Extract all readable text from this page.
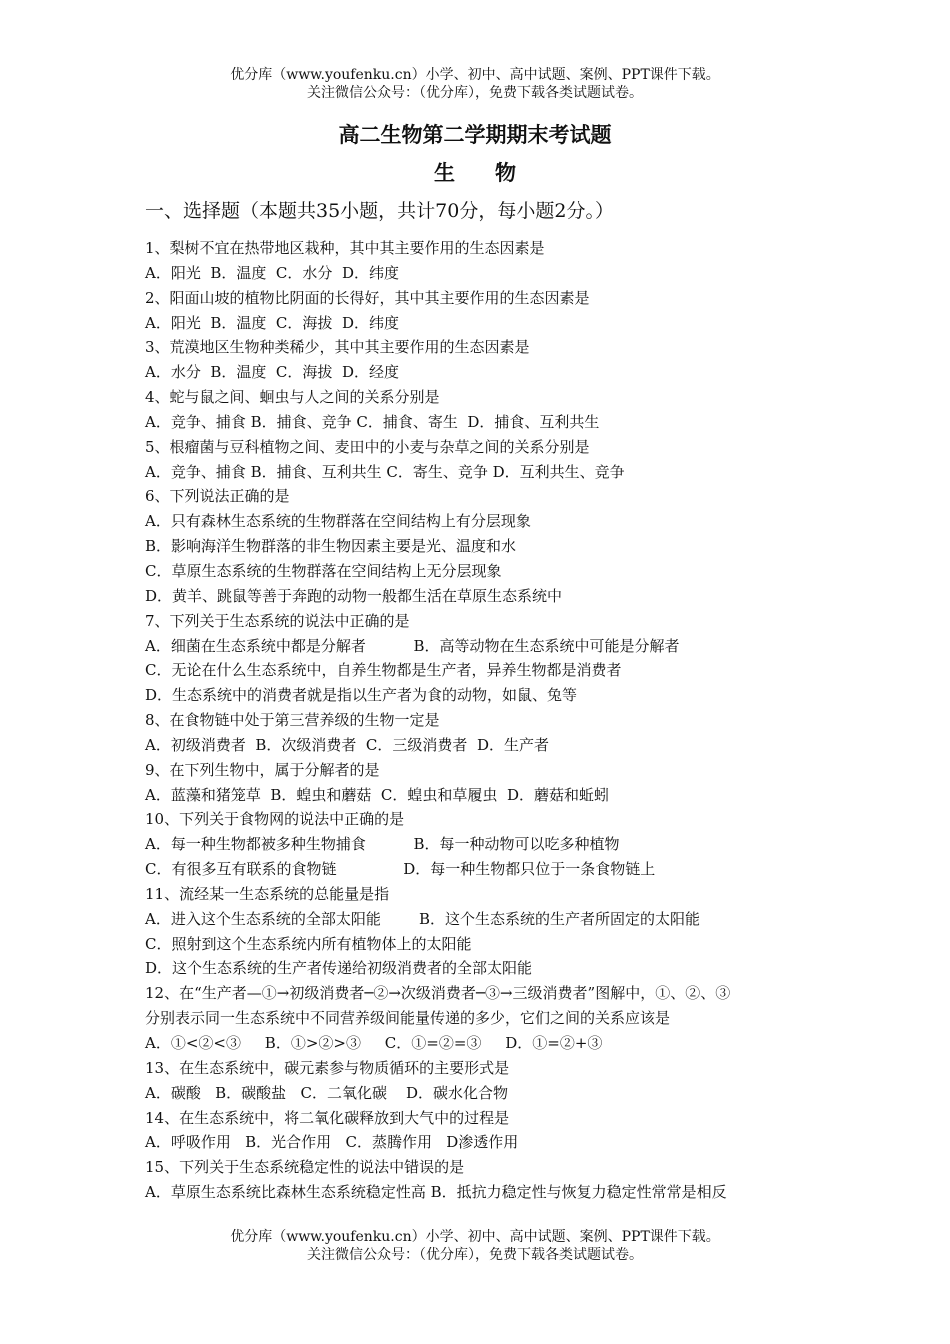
优分库（www.youfenku.cn）小学、初中、高中试题、案例、PPT课件下载。
关注微信公众号：（优分库），免费下载各类试题试卷。
高二生物第二学期期末考试题
生物
一、选择题（本题共35小题，共计70分，每小题2分。）
1、梨树不宜在热带地区栽种，其中其主要作用的生态因素是
A．阳光  B．温度  C．水分  D．纬度
2、阳面山坡的植物比阴面的长得好，其中其主要作用的生态因素是
A．阳光  B．温度  C．海拔  D．纬度
3、荒漠地区生物种类稀少，其中其主要作用的生态因素是
A．水分  B．温度  C．海拔  D．经度
4、蛇与鼠之间、蛔虫与人之间的关系分别是
A．竞争、捕食 B．捕食、竞争 C．捕食、寄生  D．捕食、互利共生
5、根瘤菌与豆科植物之间、麦田中的小麦与杂草之间的关系分别是
A．竞争、捕食 B．捕食、互利共生 C．寄生、竞争 D．互利共生、竞争
6、下列说法正确的是
A．只有森林生态系统的生物群落在空间结构上有分层现象
B．影响海洋生物群落的非生物因素主要是光、温度和水
C．草原生态系统的生物群落在空间结构上无分层现象
D．黄羊、跳鼠等善于奔跑的动物一般都生活在草原生态系统中
7、下列关于生态系统的说法中正确的是
A．细菌在生态系统中都是分解者          B．高等动物在生态系统中可能是分解者
C．无论在什么生态系统中，自养生物都是生产者，异养生物都是消费者
D．生态系统中的消费者就是指以生产者为食的动物，如鼠、兔等
8、在食物链中处于第三营养级的生物一定是
A．初级消费者  B．次级消费者  C．三级消费者  D．生产者
9、在下列生物中，属于分解者的是
A．蓝藻和猪笼草  B．蝗虫和蘑菇  C．蝗虫和草履虫  D．蘑菇和蚯蚓
10、下列关于食物网的说法中正确的是
A．每一种生物都被多种生物捕食          B．每一种动物可以吃多种植物
C．有很多互有联系的食物链              D．每一种生物都只位于一条食物链上
11、流经某一生态系统的总能量是指
A．进入这个生态系统的全部太阳能        B．这个生态系统的生产者所固定的太阳能
C．照射到这个生态系统内所有植物体上的太阳能
D．这个生态系统的生产者传递给初级消费者的全部太阳能
12、在“生产者—①→初级消费者─②→次级消费者─③→三级消费者”图解中，①、②、③
分别表示同一生态系统中不同营养级间能量传递的多少，它们之间的关系应该是
A．①<②<③     B．①>②>③     C．①=②=③     D．①=②+③
13、在生态系统中，碳元素参与物质循环的主要形式是
A．碳酸   B．碳酸盐   C．二氧化碳    D．碳水化合物
14、在生态系统中，将二氧化碳释放到大气中的过程是
A．呼吸作用   B．光合作用   C．蒸腾作用   D渗透作用
15、下列关于生态系统稳定性的说法中错误的是
A．草原生态系统比森林生态系统稳定性高 B．抵抗力稳定性与恢复力稳定性常常是相反
优分库（www.youfenku.cn）小学、初中、高中试题、案例、PPT课件下载。
关注微信公众号：（优分库），免费下载各类试题试卷。
